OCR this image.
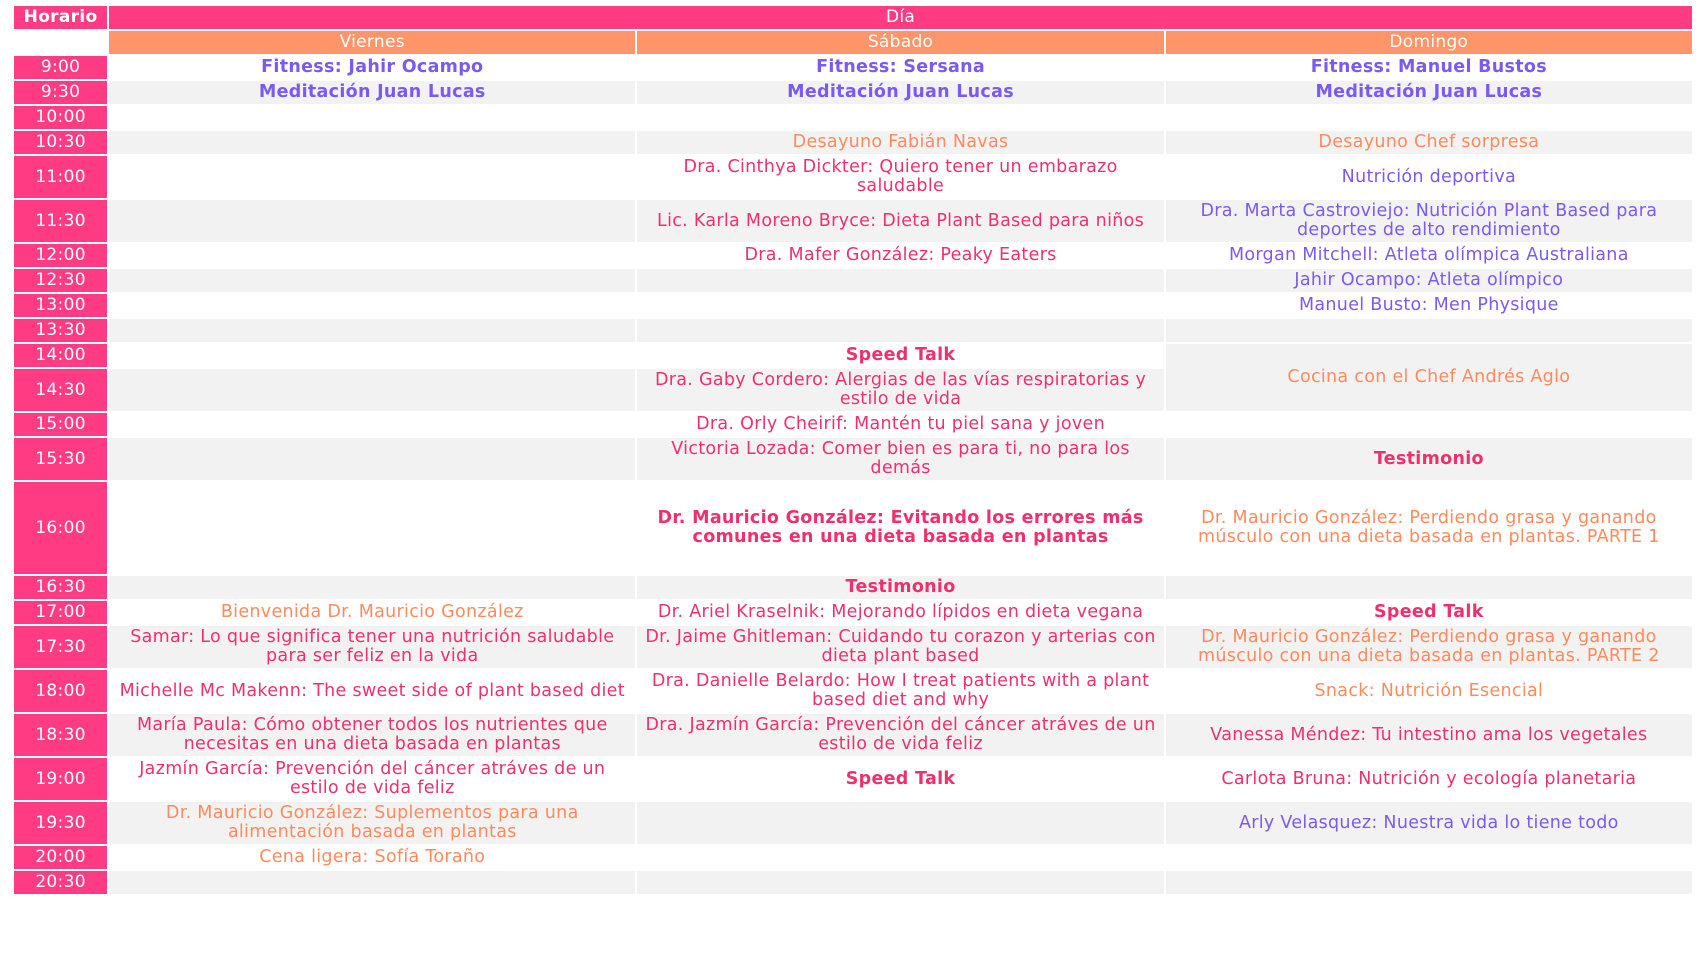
Horario	Día		
	Viernes	Sábado	Domingo
9:00	Fitness: Jahir Ocampo	Fitness: Sersana	Fitness: Manuel Bustos
9:30	Meditación Juan Lucas	Meditación Juan Lucas	Meditación Juan Lucas
10:00			
10:30		Desayuno Fabián Navas	Desayuno Chef sorpresa
11:00		Dra. Cinthya Dickter: Quiero tener un embarazo saludable	Nutrición deportiva
11:30		Lic. Karla Moreno Bryce: Dieta Plant Based para niños	Dra. Marta Castroviejo: Nutrición Plant Based para deportes de alto rendimiento
12:00		Dra. Mafer González: Peaky Eaters	Morgan Mitchell: Atleta olímpica Australiana
12:30			Jahir Ocampo: Atleta olímpico
13:00			Manuel Busto: Men Physique
13:30			
14:00		Speed Talk	Cocina con el Chef Andrés Aglo
14:30		Dra. Gaby Cordero: Alergias de las vías respiratorias y estilo de vida	
15:00		Dra. Orly Cheirif: Mantén tu piel sana y joven	
15:30		Victoria Lozada: Comer bien es para ti, no para los demás	Testimonio
16:00		Dr. Mauricio González: Evitando los errores más comunes en una dieta basada en plantas	Dr. Mauricio González: Perdiendo grasa y ganando músculo con una dieta basada en plantas. PARTE 1
16:30		Testimonio	
17:00	Bienvenida Dr. Mauricio González	Dr. Ariel Kraselnik: Mejorando lípidos en dieta vegana	Speed Talk
17:30	Samar: Lo que significa tener una nutrición saludable para ser feliz en la vida	Dr. Jaime Ghitleman: Cuidando tu corazon y arterias con dieta plant based	Dr. Mauricio González: Perdiendo grasa y ganando músculo con una dieta basada en plantas. PARTE 2
18:00	Michelle Mc Makenn: The sweet side of plant based diet	Dra. Danielle Belardo: How I treat patients with a plant based diet and why	Snack: Nutrición Esencial
18:30	María Paula: Cómo obtener todos los nutrientes que necesitas en una dieta basada en plantas	Dra. Jazmín García: Prevención del cáncer atráves de un estilo de vida feliz	Vanessa Méndez: Tu intestino ama los vegetales
19:00	Jazmín García: Prevención del cáncer atráves de un estilo de vida feliz	Speed Talk	Carlota Bruna: Nutrición y ecología planetaria
19:30	Dr. Mauricio González: Suplementos para una alimentación basada en plantas		Arly Velasquez: Nuestra vida lo tiene todo
20:00	Cena ligera: Sofía Toraño		
20:30			
